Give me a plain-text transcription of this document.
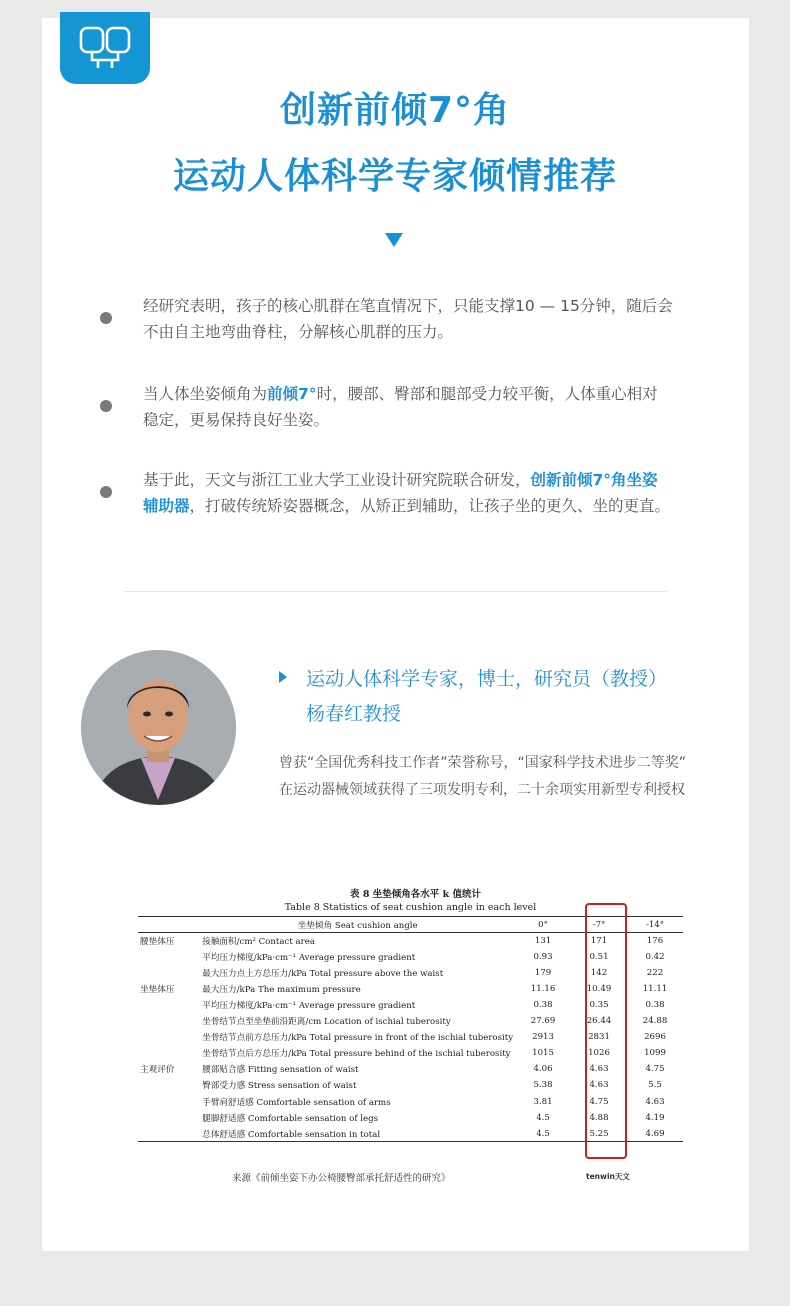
创新前倾7°角
运动人体科学专家倾情推荐
经研究表明，孩子的核心肌群在笔直情况下，只能支撑10 — 15分钟，随后会不由自主地弯曲脊柱，分解核心肌群的压力。
当人体坐姿倾角为前倾7°时，腰部、臀部和腿部受力较平衡，人体重心相对稳定，更易保持良好坐姿。
基于此，天文与浙江工业大学工业设计研究院联合研发，创新前倾7°角坐姿辅助器，打破传统矫姿器概念，从矫正到辅助，让孩子坐的更久、坐的更直。
运动人体科学专家，博士，研究员（教授）
杨春红教授
曾获“全国优秀科技工作者”荣誉称号，“国家科学技术进步二等奖”
在运动器械领域获得了三项发明专利，二十余项实用新型专利授权
表 8 坐垫倾角各水平 k 值统计
Table 8 Statistics of seat cushion angle in each level
	坐垫倾角 Seat cushion angle	0°	-7°	-14°
腰垫体压	接触面积/cm² Contact area	131	171	176
	平均压力梯度/kPa·cm⁻¹ Average pressure gradient	0.93	0.51	0.42
	最大压力点上方总压力/kPa Total pressure above the waist	179	142	222
坐垫体压	最大压力/kPa The maximum pressure	11.16	10.49	11.11
	平均压力梯度/kPa·cm⁻¹ Average pressure gradient	0.38	0.35	0.38
	坐骨结节点至坐垫前沿距离/cm Location of ischial tuberosity	27.69	26.44	24.88
	坐骨结节点前方总压力/kPa Total pressure in front of the ischial tuberosity	2913	2831	2696
	坐骨结节点后方总压力/kPa Total pressure behind of the ischial tuberosity	1015	1026	1099
主观评价	腰部贴合感 Fitting sensation of waist	4.06	4.63	4.75
	臀部受力感 Stress sensation of waist	5.38	4.63	5.5
	手臂肩舒适感 Comfortable sensation of arms	3.81	4.75	4.63
	腿脚舒适感 Comfortable sensation of legs	4.5	4.88	4.19
	总体舒适感 Comfortable sensation in total	4.5	5.25	4.69
来源《前倾坐姿下办公椅腰臀部承托舒适性的研究》	tenwin天文
